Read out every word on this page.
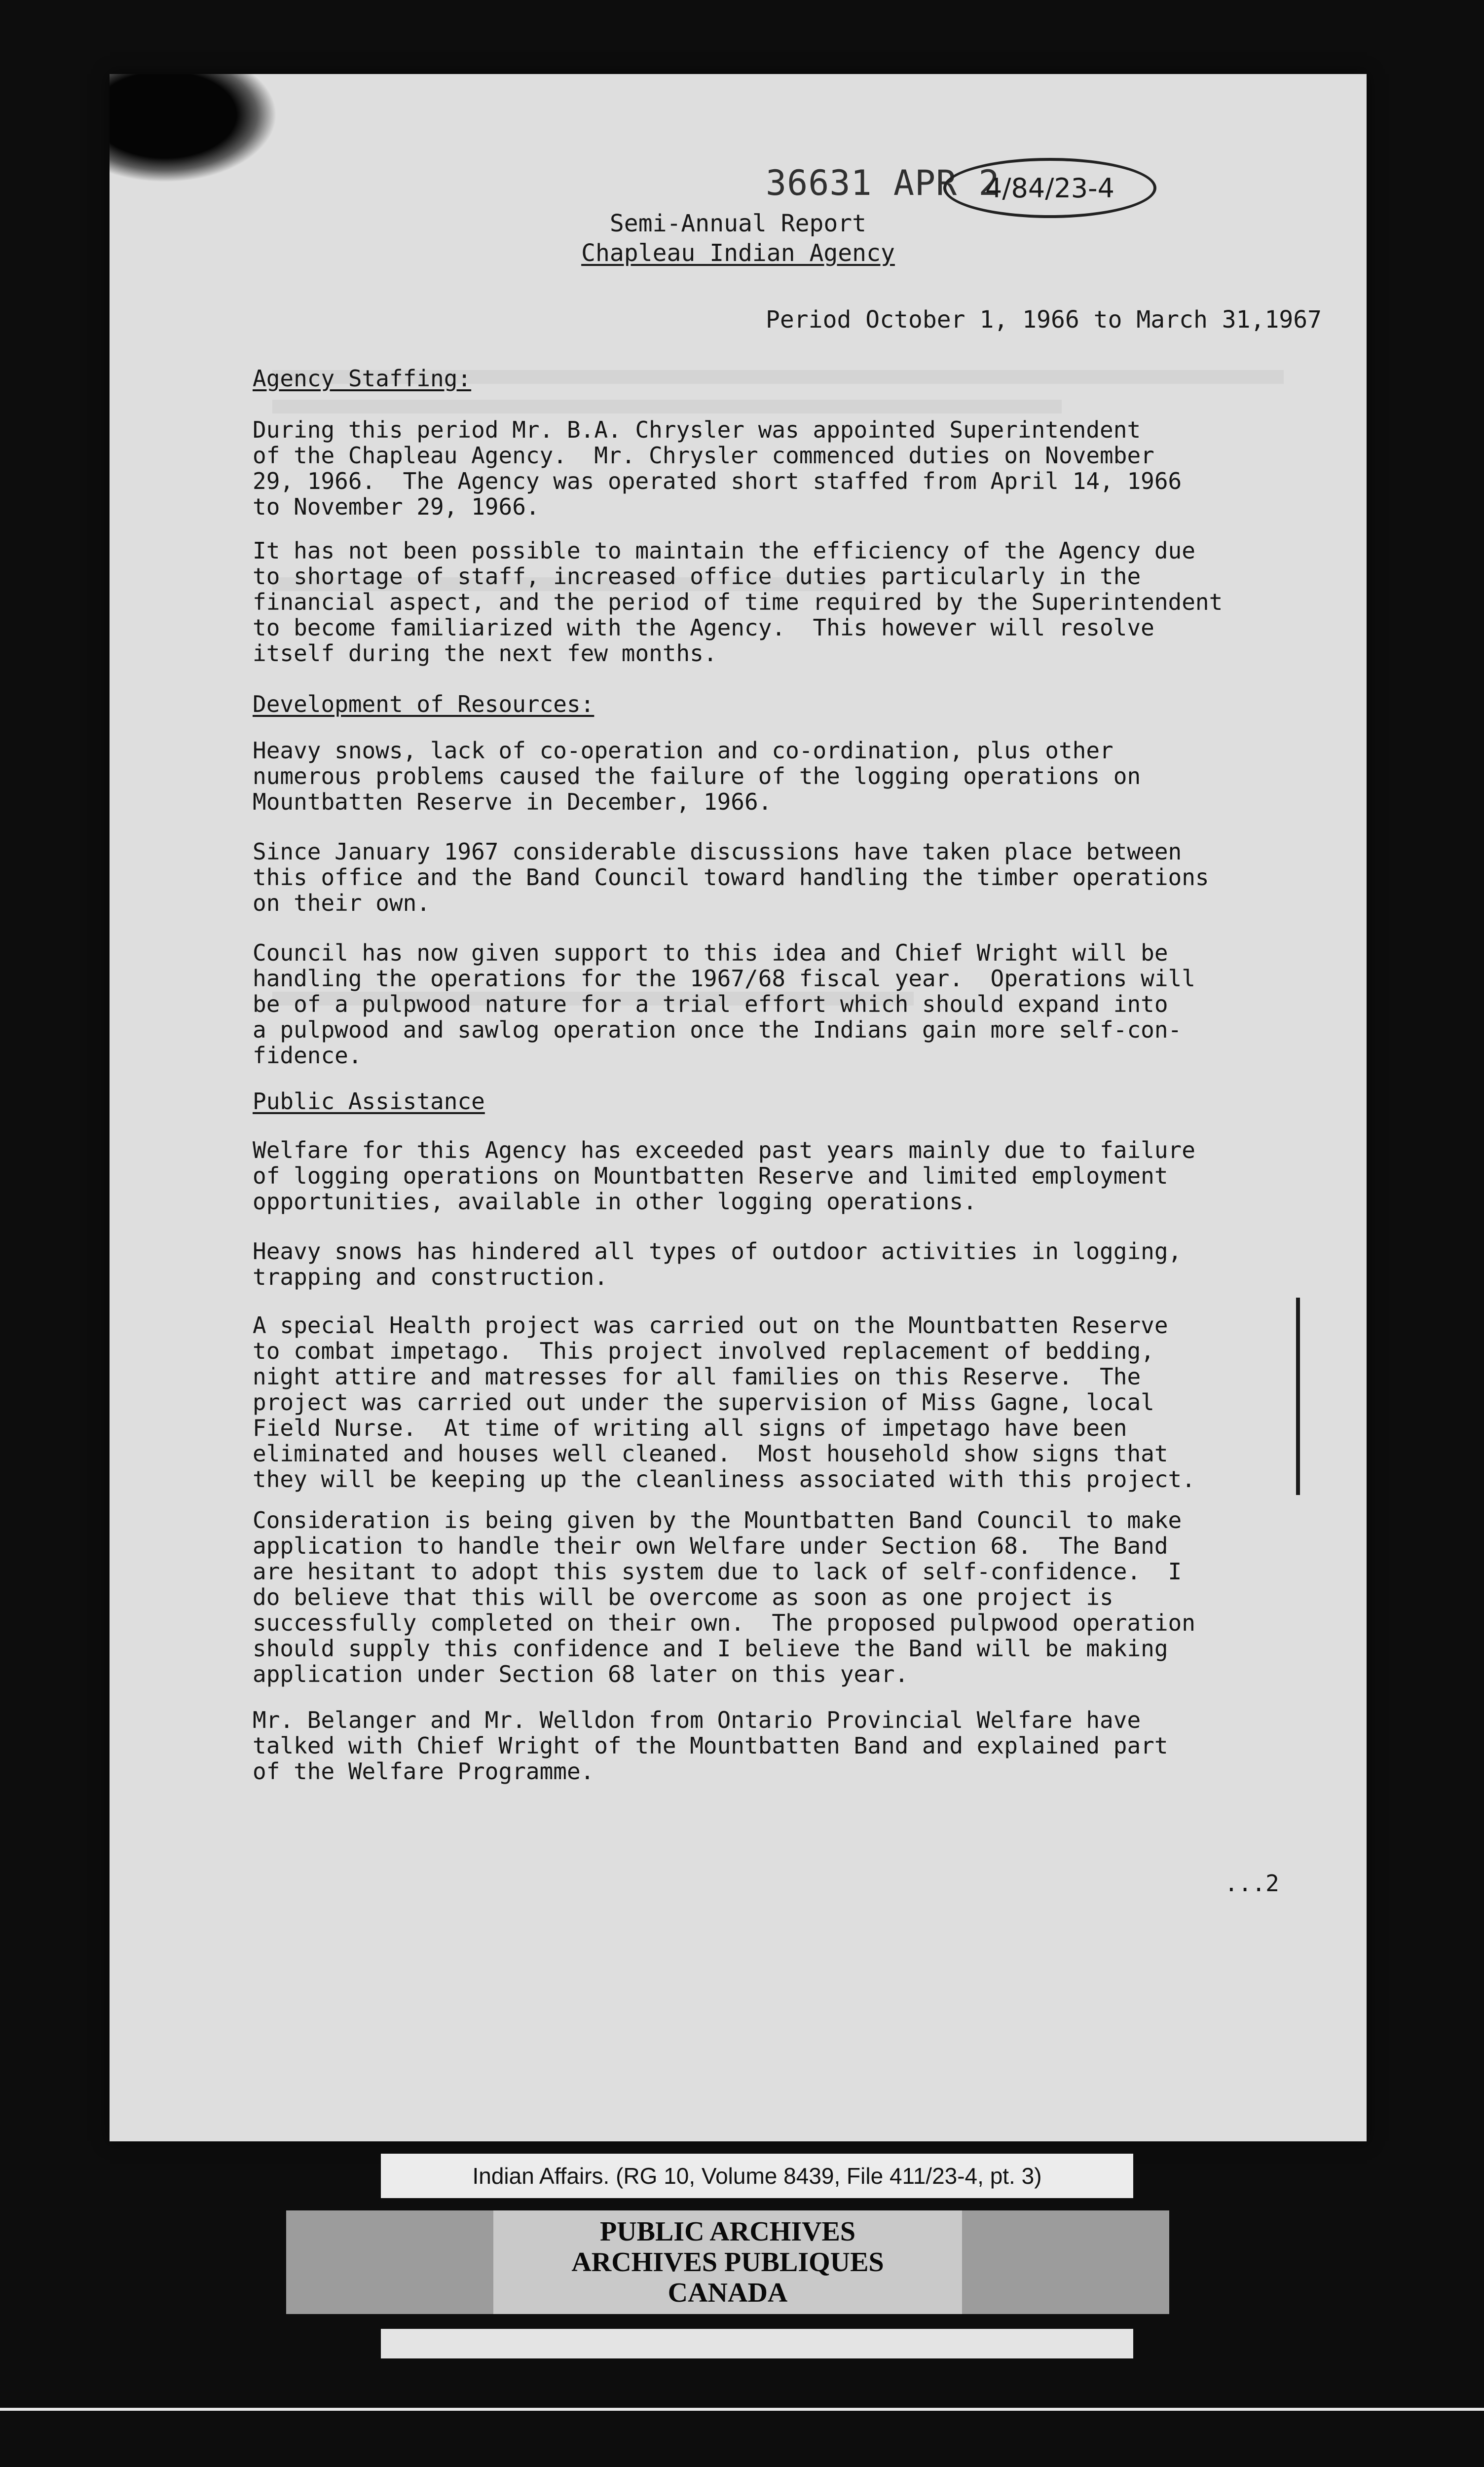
36631 APR 2
4/84/23-4
Semi-Annual Report
Chapleau Indian Agency
Period October 1, 1966 to March 31,1967
Agency Staffing:
During this period Mr. B.A. Chrysler was appointed Superintendent
of the Chapleau Agency.  Mr. Chrysler commenced duties on November
29, 1966.  The Agency was operated short staffed from April 14, 1966
to November 29, 1966.
It has not been possible to maintain the efficiency of the Agency due
to shortage of staff, increased office duties particularly in the
financial aspect, and the period of time required by the Superintendent
to become familiarized with the Agency.  This however will resolve
itself during the next few months.
Development of Resources:
Heavy snows, lack of co-operation and co-ordination, plus other
numerous problems caused the failure of the logging operations on
Mountbatten Reserve in December, 1966.
Since January 1967 considerable discussions have taken place between
this office and the Band Council toward handling the timber operations
on their own.
Council has now given support to this idea and Chief Wright will be
handling the operations for the 1967/68 fiscal year.  Operations will
be of a pulpwood nature for a trial effort which should expand into
a pulpwood and sawlog operation once the Indians gain more self-con-
fidence.
Public Assistance
Welfare for this Agency has exceeded past years mainly due to failure
of logging operations on Mountbatten Reserve and limited employment
opportunities, available in other logging operations.
Heavy snows has hindered all types of outdoor activities in logging,
trapping and construction.
A special Health project was carried out on the Mountbatten Reserve
to combat impetago.  This project involved replacement of bedding,
night attire and matresses for all families on this Reserve.  The
project was carried out under the supervision of Miss Gagne, local
Field Nurse.  At time of writing all signs of impetago have been
eliminated and houses well cleaned.  Most household show signs that
they will be keeping up the cleanliness associated with this project.
Consideration is being given by the Mountbatten Band Council to make
application to handle their own Welfare under Section 68.  The Band
are hesitant to adopt this system due to lack of self-confidence.  I
do believe that this will be overcome as soon as one project is
successfully completed on their own.  The proposed pulpwood operation
should supply this confidence and I believe the Band will be making
application under Section 68 later on this year.
Mr. Belanger and Mr. Welldon from Ontario Provincial Welfare have
talked with Chief Wright of the Mountbatten Band and explained part
of the Welfare Programme.
...2
Indian Affairs. (RG 10, Volume 8439, File 411/23-4, pt. 3)
PUBLIC ARCHIVES
ARCHIVES PUBLIQUES
CANADA
